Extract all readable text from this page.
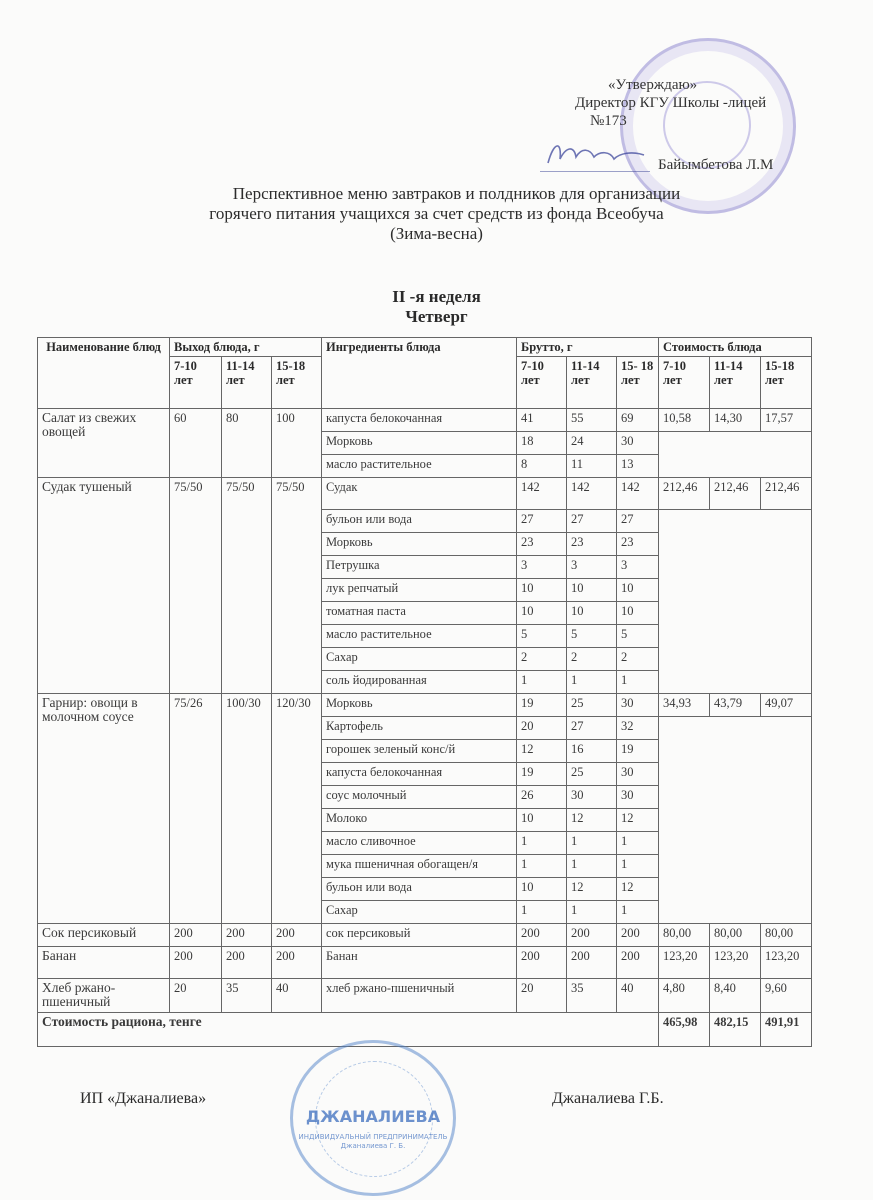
«Утверждаю»
Директор КГУ Школы -лицей
№173
Байымбетова Л.М
Перспективное меню завтраков и полдников для организации
горячего питания учащихся за счет средств из фонда Всеобуча
(Зима-весна)
II -я неделя
Четверг
Наименование блюд	Выход блюда, г			Ингредиенты блюда	Брутто, г			Стоимость блюда		
	7-10 лет	11-14 лет	15-18 лет		7-10 лет	11-14 лет	15- 18 лет	7-10 лет	11-14 лет	15-18 лет
Салат из свежих овощей	60	80	100	капуста белокочанная	41	55	69	10,58	14,30	17,57
				Морковь	18	24	30			
				масло растительное	8	11	13			
Судак тушеный	75/50	75/50	75/50	Судак	142	142	142	212,46	212,46	212,46
				бульон или вода	27	27	27			
				Морковь	23	23	23			
				Петрушка	3	3	3			
				лук репчатый	10	10	10			
				томатная паста	10	10	10			
				масло растительное	5	5	5			
				Сахар	2	2	2			
				соль йодированная	1	1	1			
Гарнир: овощи в молочном соусе	75/26	100/30	120/30	Морковь	19	25	30	34,93	43,79	49,07
				Картофель	20	27	32			
				горошек зеленый конс/й	12	16	19			
				капуста белокочанная	19	25	30			
				соус молочный	26	30	30			
				Молоко	10	12	12			
				масло сливочное	1	1	1			
				мука пшеничная обогащен/я	1	1	1			
				бульон или вода	10	12	12			
				Сахар	1	1	1			
Сок персиковый	200	200	200	сок персиковый	200	200	200	80,00	80,00	80,00
Банан	200	200	200	Банан	200	200	200	123,20	123,20	123,20
Хлеб ржано-пшеничный	20	35	40	хлеб ржано-пшеничный	20	35	40	4,80	8,40	9,60
Стоимость рациона, тенге								465,98	482,15	491,91
ИП «Джаналиева»
ДЖАНАЛИЕВА
ИНДИВИДУАЛЬНЫЙ ПРЕДПРИНИМАТЕЛЬ Джаналиева Г. Б.
Джаналиева Г.Б.
